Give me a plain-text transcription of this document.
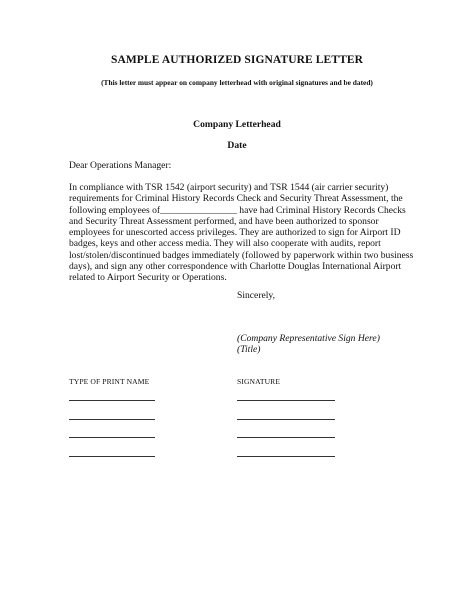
SAMPLE AUTHORIZED SIGNATURE LETTER
(This letter must appear on company letterhead with original signatures and be dated)
Company Letterhead
Date
Dear Operations Manager:
In compliance with TSR 1542 (airport security) and TSR 1544 (air carrier security)
requirements for Criminal History Records Check and Security Threat Assessment, the
following employees of________________ have had Criminal History Records Checks
and Security Threat Assessment performed, and have been authorized to sponsor
employees for unescorted access privileges. They are authorized to sign for Airport ID
badges, keys and other access media. They will also cooperate with audits, report
lost/stolen/discontinued badges immediately (followed by paperwork within two business
days), and sign any other correspondence with Charlotte Douglas International Airport
related to Airport Security or Operations.
Sincerely,
(Company Representative Sign Here)
(Title)
TYPE OF PRINT NAME	SIGNATURE
